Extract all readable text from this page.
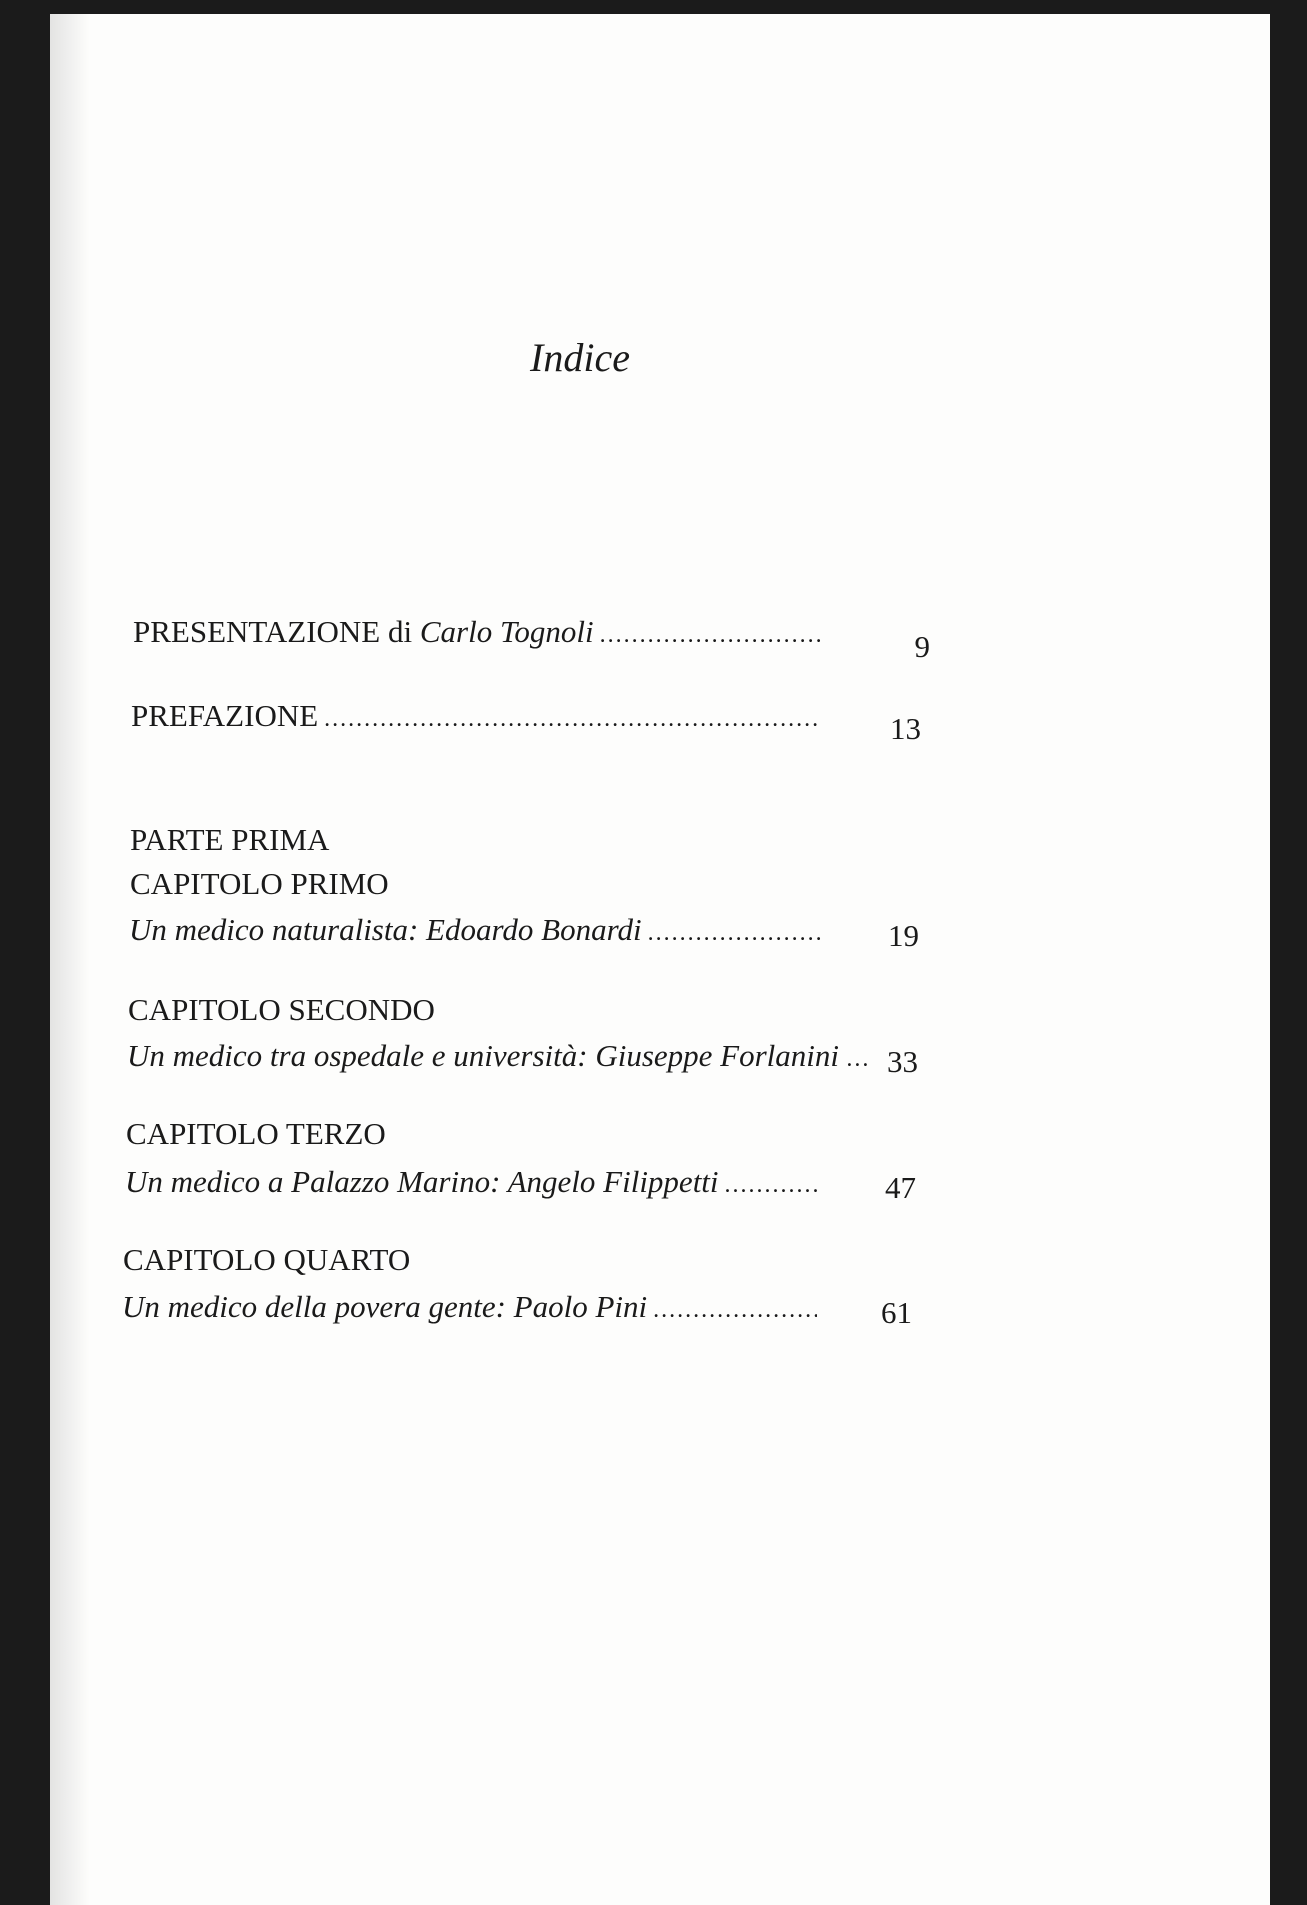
Indice
PRESENTAZIONE di Carlo Tognoli .....	9
PREFAZIONE .....	13
PARTE PRIMA
CAPITOLO PRIMO
Un medico naturalista: Edoardo Bonardi .....	19
CAPITOLO SECONDO
Un medico tra ospedale e università: Giuseppe Forlanini ... 33
CAPITOLO TERZO
Un medico a Palazzo Marino: Angelo Filippetti .....	47
CAPITOLO QUARTO
Un medico della povera gente: Paolo Pini .....	61
